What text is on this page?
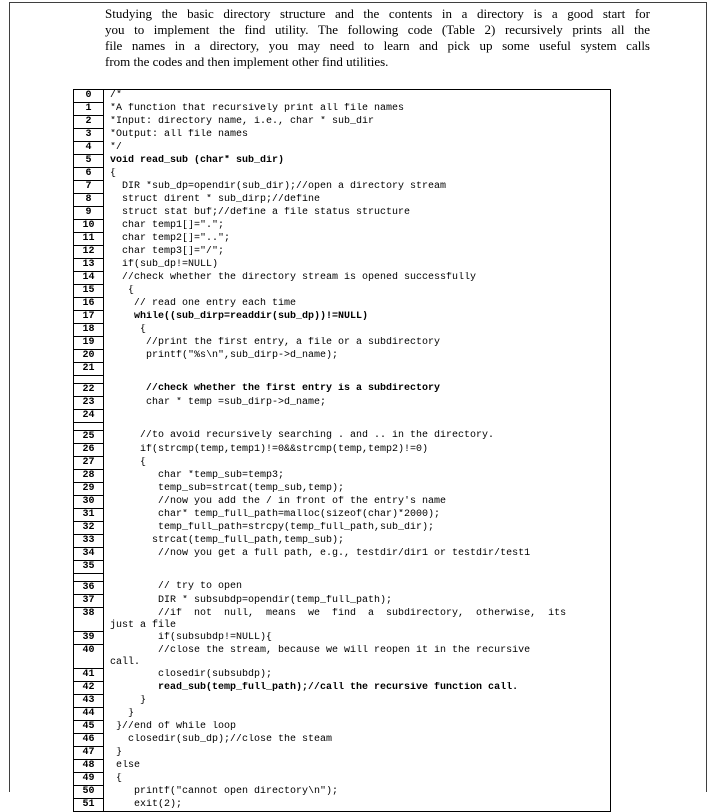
Studying the basic directory structure and the contents in a directory is a good start for
you to implement the find utility. The following code (Table 2) recursively prints all the
file names in a directory, you may need to learn and pick up some useful system calls
from the codes and then implement other find utilities.
0	/*
1	*A function that recursively print all file names
2	*Input: directory name, i.e., char * sub_dir
3	*Output: all file names
4	*/
5	void read_sub (char* sub_dir)
6	{
7	DIR *sub_dp=opendir(sub_dir);//open a directory stream
8	struct dirent * sub_dirp;//define
9	struct stat buf;//define a file status structure
10	char temp1[]=".";
11	char temp2[]="..";
12	char temp3[]="/";
13	if(sub_dp!=NULL)
14	//check whether the directory stream is opened successfully
15	{
16	// read one entry each time
17	while((sub_dirp=readdir(sub_dp))!=NULL)
18	{
19	//print the first entry, a file or a subdirectory
20	printf("%s\n",sub_dirp->d_name);
21
22	//check whether the first entry is a subdirectory
23	char * temp =sub_dirp->d_name;
24
25	//to avoid recursively searching . and .. in the directory.
26	if(strcmp(temp,temp1)!=0&&strcmp(temp,temp2)!=0)
27	{
28	char *temp_sub=temp3;
29	temp_sub=strcat(temp_sub,temp);
30	//now you add the / in front of the entry's name
31	char* temp_full_path=malloc(sizeof(char)*2000);
32	temp_full_path=strcpy(temp_full_path,sub_dir);
33	strcat(temp_full_path,temp_sub);
34	//now you get a full path, e.g., testdir/dir1 or testdir/test1
35
36	// try to open
37	DIR * subsubdp=opendir(temp_full_path);
38	//if  not  null,  means  we  find  a  subdirectory,  otherwise,  its
just a file
39	if(subsubdp!=NULL){
40	//close the stream, because we will reopen it in the recursive
call.
41	closedir(subsubdp);
42	read_sub(temp_full_path);//call the recursive function call.
43	}
44	}
45	}//end of while loop
46	closedir(sub_dp);//close the steam
47	}
48	else
49	{
50	printf("cannot open directory\n");
51	exit(2);
